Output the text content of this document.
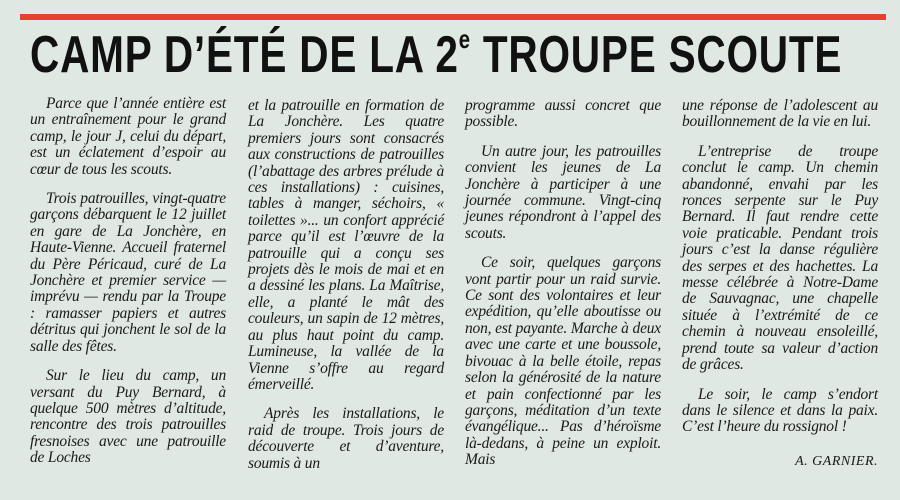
CAMP D’ÉTÉ DE LA 2e TROUPE SCOUTE

Parce que l’année entière est un entraînement pour le grand camp, le jour J, celui du départ, est un éclatement d’espoir au cœur de tous les scouts.

Trois patrouilles, vingt-quatre garçons débarquent le 12 juillet en gare de La Jonchère, en Haute-Vienne. Accueil fraternel du Père Péricaud, curé de La Jonchère et premier service — imprévu — rendu par la Troupe : ramasser papiers et autres détritus qui jonchent le sol de la salle des fêtes.

Sur le lieu du camp, un versant du Puy Bernard, à quelque 500 mètres d’altitude, rencontre des trois patrouilles fresnoises avec une patrouille de Loches

et la patrouille en formation de La Jonchère. Les quatre premiers jours sont consacrés aux constructions de patrouilles (l’abattage des arbres prélude à ces installations) : cuisines, tables à manger, séchoirs, « toilettes »... un confort apprécié parce qu’il est l’œuvre de la patrouille qui a conçu ses projets dès le mois de mai et en a dessiné les plans. La Maîtrise, elle, a planté le mât des couleurs, un sapin de 12 mètres, au plus haut point du camp. Lumineuse, la vallée de la Vienne s’offre au regard émerveillé.

Après les installations, le raid de troupe. Trois jours de découverte et d’aventure, soumis à un

programme aussi concret que possible.

Un autre jour, les patrouilles convient les jeunes de La Jonchère à participer à une journée commune. Vingt-cinq jeunes répondront à l’appel des scouts.

Ce soir, quelques garçons vont partir pour un raid survie. Ce sont des volontaires et leur expédition, qu’elle aboutisse ou non, est payante. Marche à deux avec une carte et une boussole, bivouac à la belle étoile, repas selon la générosité de la nature et pain confectionné par les garçons, méditation d’un texte évangélique... Pas d’héroïsme là-dedans, à peine un exploit. Mais

une réponse de l’adolescent au bouillonnement de la vie en lui.

L’entreprise de troupe conclut le camp. Un chemin abandonné, envahi par les ronces serpente sur le Puy Bernard. Il faut rendre cette voie praticable. Pendant trois jours c’est la danse régulière des serpes et des hachettes. La messe célébrée à Notre-Dame de Sauvagnac, une chapelle située à l’extrémité de ce chemin à nouveau ensoleillé, prend toute sa valeur d’action de grâces.

Le soir, le camp s’endort dans le silence et dans la paix. C’est l’heure du rossignol !

A. GARNIER.
